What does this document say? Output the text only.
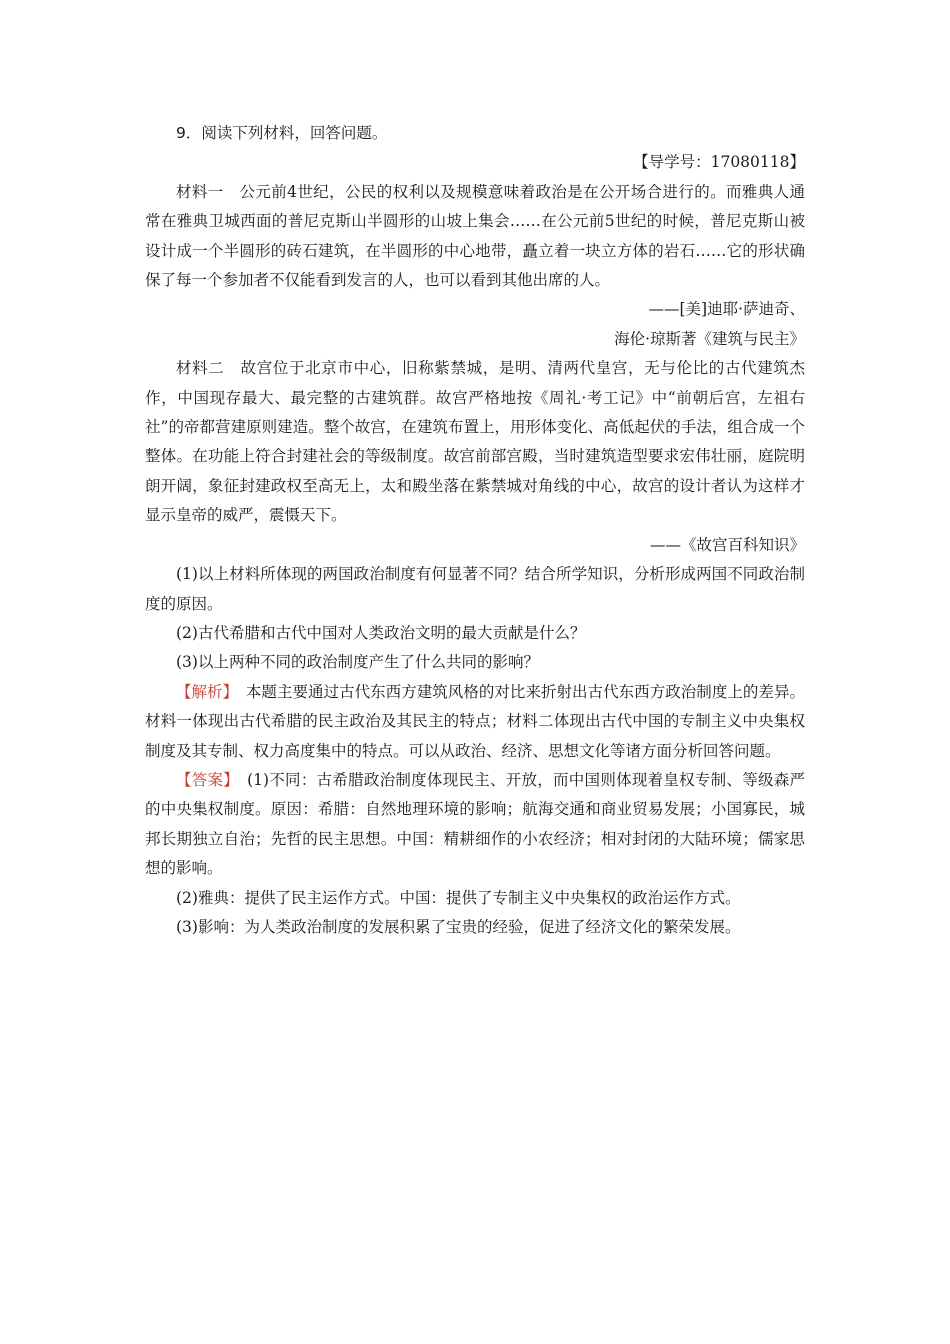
9．阅读下列材料，回答问题。

【导学号：17080118】

材料一　公元前4世纪，公民的权利以及规模意味着政治是在公开场合进行的。而雅典人通常在雅典卫城西面的普尼克斯山半圆形的山坡上集会……在公元前5世纪的时候，普尼克斯山被设计成一个半圆形的砖石建筑，在半圆形的中心地带，矗立着一块立方体的岩石……它的形状确保了每一个参加者不仅能看到发言的人，也可以看到其他出席的人。

——[美]迪耶·萨迪奇、

海伦·琼斯著《建筑与民主》

材料二　故宫位于北京市中心，旧称紫禁城，是明、清两代皇宫，无与伦比的古代建筑杰作，中国现存最大、最完整的古建筑群。故宫严格地按《周礼·考工记》中“前朝后宫，左祖右社”的帝都营建原则建造。整个故宫，在建筑布置上，用形体变化、高低起伏的手法，组合成一个整体。在功能上符合封建社会的等级制度。故宫前部宫殿，当时建筑造型要求宏伟壮丽，庭院明朗开阔，象征封建政权至高无上，太和殿坐落在紫禁城对角线的中心，故宫的设计者认为这样才显示皇帝的威严，震慑天下。

——《故宫百科知识》

(1)以上材料所体现的两国政治制度有何显著不同？结合所学知识，分析形成两国不同政治制度的原因。

(2)古代希腊和古代中国对人类政治文明的最大贡献是什么？

(3)以上两种不同的政治制度产生了什么共同的影响？

【解析】　本题主要通过古代东西方建筑风格的对比来折射出古代东西方政治制度上的差异。材料一体现出古代希腊的民主政治及其民主的特点；材料二体现出古代中国的专制主义中央集权制度及其专制、权力高度集中的特点。可以从政治、经济、思想文化等诸方面分析回答问题。

【答案】　(1)不同：古希腊政治制度体现民主、开放，而中国则体现着皇权专制、等级森严的中央集权制度。原因：希腊：自然地理环境的影响；航海交通和商业贸易发展；小国寡民，城邦长期独立自治；先哲的民主思想。中国：精耕细作的小农经济；相对封闭的大陆环境；儒家思想的影响。

(2)雅典：提供了民主运作方式。中国：提供了专制主义中央集权的政治运作方式。

(3)影响：为人类政治制度的发展积累了宝贵的经验，促进了经济文化的繁荣发展。
